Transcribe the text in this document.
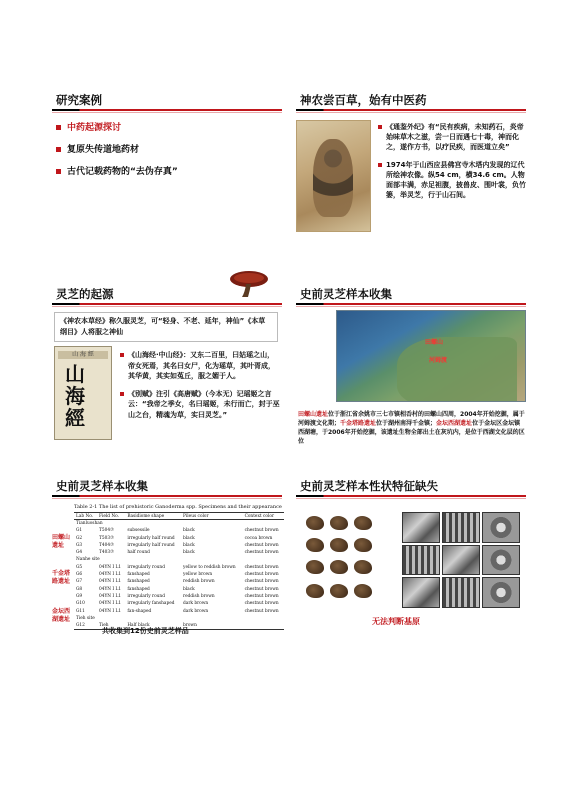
研究案例
中药起源探讨
复原失传道地药材
古代记载药物的“去伪存真”
神农尝百草，始有中医药
《通鉴外纪》有“民有疾病，未知药石，炎帝始味草木之滋，尝一日而遇七十毒，神而化之，遂作方书，以疗民疾，而医道立矣”
1974年于山西应县佛宫寺木塔内发现的辽代所绘神农像。纵54 cm，横34.6 cm。人物面部丰满，赤足袒腹，披兽皮、围叶裳，负竹篓，举灵芝，行于山石间。
灵芝的起源
《神农本草经》称久服灵芝，可“轻身、不老、延年，神仙”《本草纲目》人将服之神仙
山 海 經
山海經
《山海经·中山经》：又东二百里，曰姑瑶之山，帝女死焉，其名曰女尸，化为瑶草，其叶胥成，其华黄，其实如菟丘，服之媚于人。
《别赋》注引《高唐赋》（今本无）记瑶姬之言云：“我帝之季女，名曰瑶姬，未行而亡，封于巫山之台，精魂为草，实曰灵芝。”
史前灵芝样本收集
田螺山
河姆渡
田螺山遗址位于浙江省余姚市三七市镇相岙村的田螺山四周，2004年开始挖掘，属于河姆渡文化期；千金塔路遗址位于湖州南浔千金镇；金坛西湖遗址位于金坛区金坛镇西湖塘，于2006年开始挖掘，该遗址生物全部出土在灰坑内，是位于西湖文化层的区位
史前灵芝样本收集
Table 2-1 The list of prehistoric Ganoderma spp. Specimens and their appearance
Lab No.	Field No.	Basidiome shape	Pileus color	Context color
Tianluoshan				
G1	T504⑦	subsessile	black	chestnut brown
G2	T503⑦	irregularly half round	black	cocoa brown
G3	T404⑦	irregularly half round	black	chestnut brown
G4	T403⑦	half round	black	chestnut brown
Nanhe site				
G5	04YN Ⅰ L1	irregularly round	yellow to reddish brown	chestnut brown
G6	04YN Ⅰ L1	fanshaped	yellow brown	chestnut brown
G7	04YN Ⅰ L1	fanshaped	reddish brown	chestnut brown
G8	04YN Ⅰ L1	fanshaped	black	chestnut brown
G9	04YN Ⅰ L1	irregularly round	reddish brown	chestnut brown
G10	04YN Ⅰ L1	irregularly fanshaped	dark brown	chestnut brown
G11	04YN Ⅰ L1	fan-shaped	dark brown	chestnut brown
Tieh site				
G12	Tieh	Half black	brown	
田螺山遗址
千金塔路遗址
金坛西湖遗址
共收集到12份史前灵芝样品
史前灵芝样本性状特征缺失
无法判断基原
